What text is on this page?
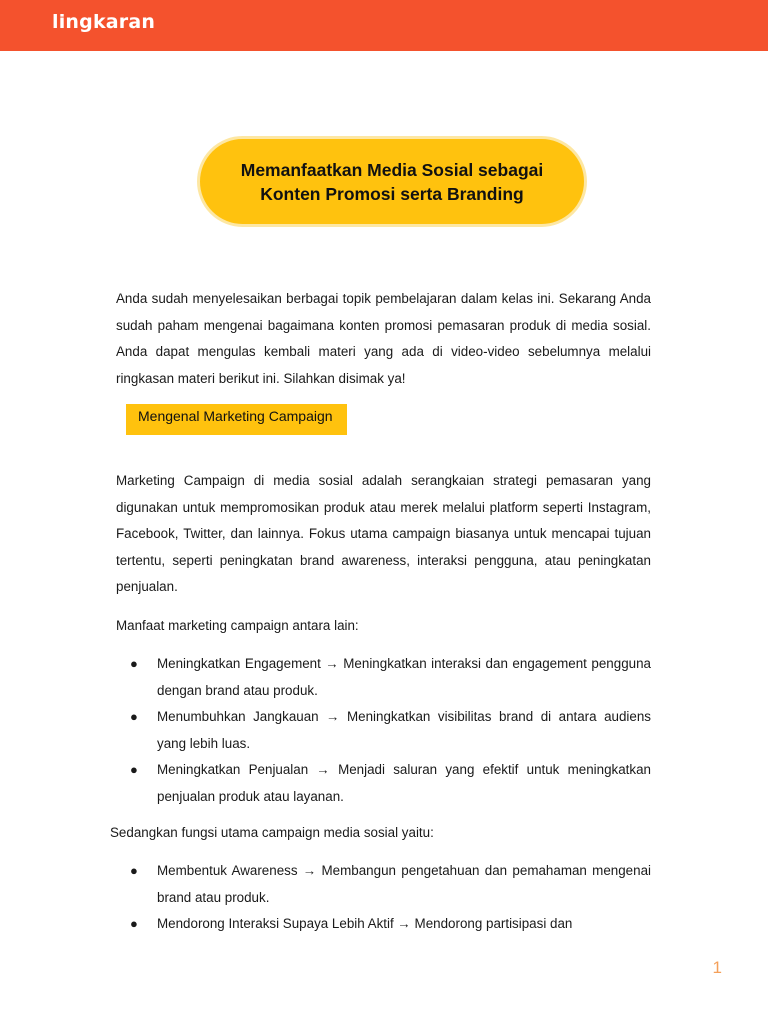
lingkaran
Memanfaatkan Media Sosial sebagai
Konten Promosi serta Branding

Anda sudah menyelesaikan berbagai topik pembelajaran dalam kelas ini. Sekarang Anda sudah paham mengenai bagaimana konten promosi pemasaran produk di media sosial. Anda dapat mengulas kembali materi yang ada di video-video sebelumnya melalui ringkasan materi berikut ini. Silahkan disimak ya!

Mengenal Marketing Campaign

Marketing Campaign di media sosial adalah serangkaian strategi pemasaran yang digunakan untuk mempromosikan produk atau merek melalui platform seperti Instagram, Facebook, Twitter, dan lainnya. Fokus utama campaign biasanya untuk mencapai tujuan tertentu, seperti peningkatan brand awareness, interaksi pengguna, atau peningkatan penjualan.

Manfaat marketing campaign antara lain:

● Meningkatkan Engagement → Meningkatkan interaksi dan engagement pengguna dengan brand atau produk.
● Menumbuhkan Jangkauan → Meningkatkan visibilitas brand di antara audiens yang lebih luas.
● Meningkatkan Penjualan → Menjadi saluran yang efektif untuk meningkatkan penjualan produk atau layanan.

Sedangkan fungsi utama campaign media sosial yaitu:

● Membentuk Awareness → Membangun pengetahuan dan pemahaman mengenai brand atau produk.
● Mendorong Interaksi Supaya Lebih Aktif → Mendorong partisipasi dan
1
